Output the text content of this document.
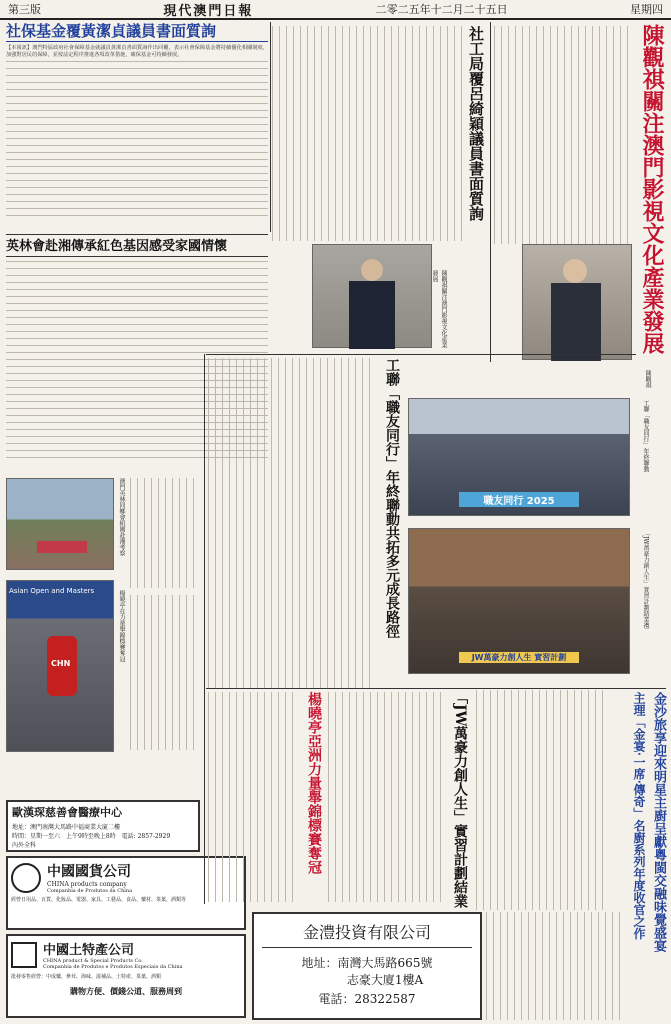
第三版	現代澳門日報	二零二五年十二月二十五日	星期四
社保基金覆黃潔貞議員書面質詢
【本報訊】澳門特區政府社會保障基金就議員黃潔貞書面質詢作出回覆，表示社會保障基金將持續優化相關制度，加強對居民的保障，並按法定程序推進各項改革措施，確保基金可持續發展。
英林會赴湘傳承紅色基因感受家國情懷
澳門英林同鄉會組團赴湘考察
Asian Open and Masters
CHN
楊曉亭在力量舉錦標賽奪冠
歐漢琛慈善會醫療中心
地址：澳門南灣大馬路中福商業大廈二樓
時間：星期一至六　上午9時至晚上8時　電話: 2857-2929
內外全科
中國國貨公司
CHINA products company
Companhia de Produtos da China
經營日用品、百貨、化妝品、電器、家具、工藝品、食品、藥材、茶葉、酒類等
中國土特產公司
CHINA product & Special Products Co.
Companhia de Produtos e Produtos Especiais da China
批發零售經營：中成藥、參茸、海味、滋補品、土特產、茶葉、酒類
購物方便、價錢公道、服務周到
社工局覆呂綺穎議員書面質詢
陳觀祺關注澳門影視文化產業發展	陳觀祺關注澳門影視文化產業發展
陳觀祺
工聯「職友同行」年終聯動共拓多元成長路徑	職友同行 2025
工聯「職友同行」年終聯動
JW萬豪力創人生 實習計劃
「JW萬豪力創人生」實習計劃結業禮
「JW萬豪力創人生」實習計劃結業
楊曉亭亞洲力量舉錦標賽奪冠	金沙旅享迎來明星主廚呈獻粵閩交融味覺盛宴
主理「金宴‧一席‧傳奇」名廚系列年度收官之作
金澧投資有限公司
地址： 南灣大馬路665號
志豪大廈1樓A
電話：28322587
